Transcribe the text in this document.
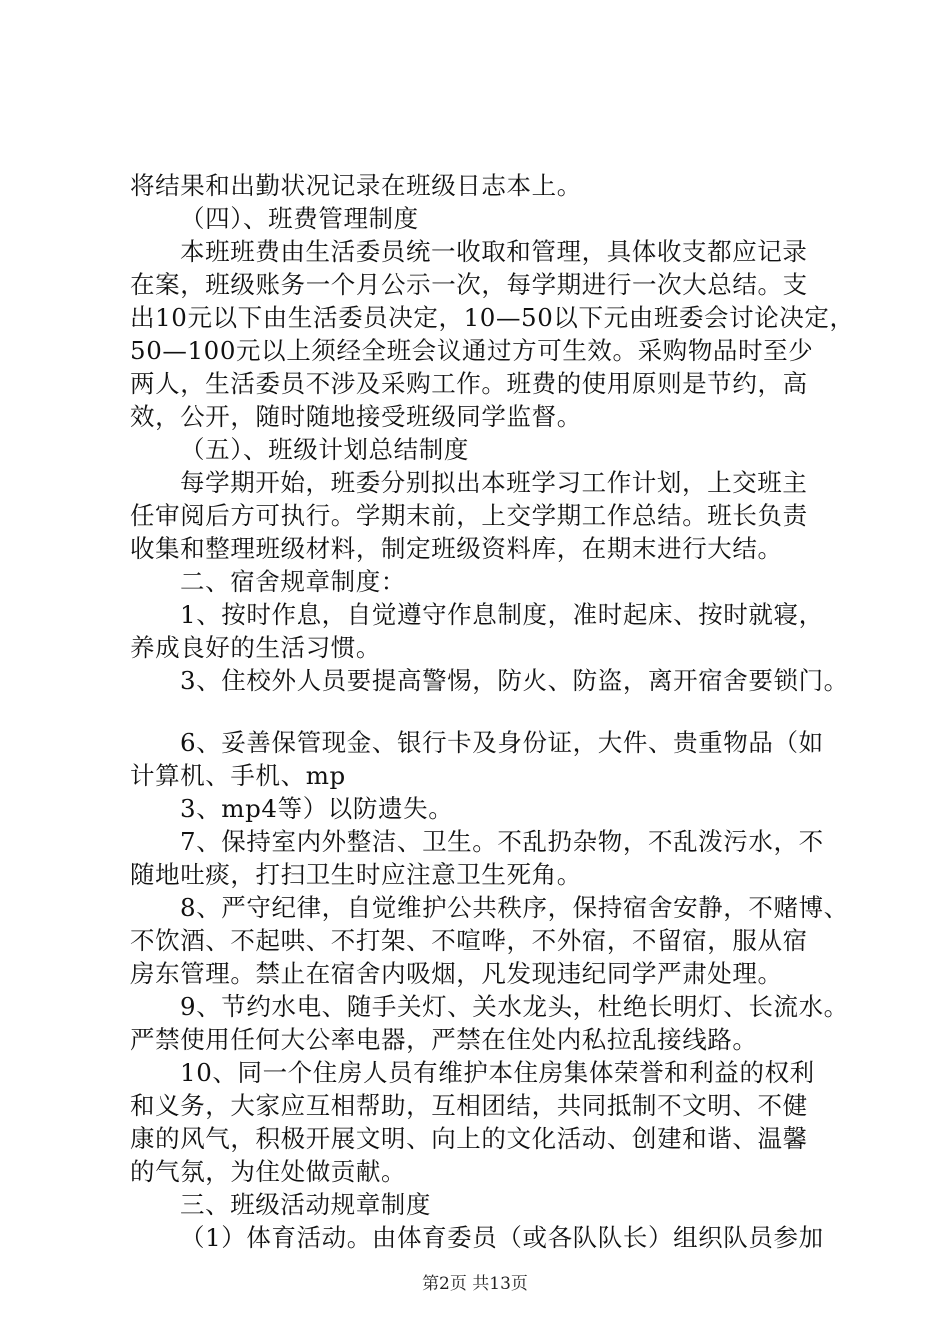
将结果和出勤状况记录在班级日志本上。
（四）、班费管理制度
本班班费由生活委员统一收取和管理，具体收支都应记录
在案，班级账务一个月公示一次，每学期进行一次大总结。支
出10元以下由生活委员决定，10—50以下元由班委会讨论决定，
50—100元以上须经全班会议通过方可生效。采购物品时至少
两人，生活委员不涉及采购工作。班费的使用原则是节约，高
效，公开，随时随地接受班级同学监督。
（五）、班级计划总结制度
每学期开始，班委分别拟出本班学习工作计划，上交班主
任审阅后方可执行。学期末前，上交学期工作总结。班长负责
收集和整理班级材料，制定班级资料库，在期末进行大结。
二、宿舍规章制度：
1、按时作息，自觉遵守作息制度，准时起床、按时就寝，
养成良好的生活习惯。
3、住校外人员要提高警惕，防火、防盗，离开宿舍要锁门。
6、妥善保管现金、银行卡及身份证，大件、贵重物品（如
计算机、手机、mp
3、mp4等）以防遗失。
7、保持室内外整洁、卫生。不乱扔杂物，不乱泼污水，不
随地吐痰，打扫卫生时应注意卫生死角。
8、严守纪律，自觉维护公共秩序，保持宿舍安静，不赌博、
不饮酒、不起哄、不打架、不喧哗，不外宿，不留宿，服从宿
房东管理。禁止在宿舍内吸烟，凡发现违纪同学严肃处理。
9、节约水电、随手关灯、关水龙头，杜绝长明灯、长流水。
严禁使用任何大公率电器，严禁在住处内私拉乱接线路。
10、同一个住房人员有维护本住房集体荣誉和利益的权利
和义务，大家应互相帮助，互相团结，共同抵制不文明、不健
康的风气，积极开展文明、向上的文化活动、创建和谐、温馨
的气氛，为住处做贡献。
三、班级活动规章制度
（1）体育活动。由体育委员（或各队队长）组织队员参加
第2页 共13页
